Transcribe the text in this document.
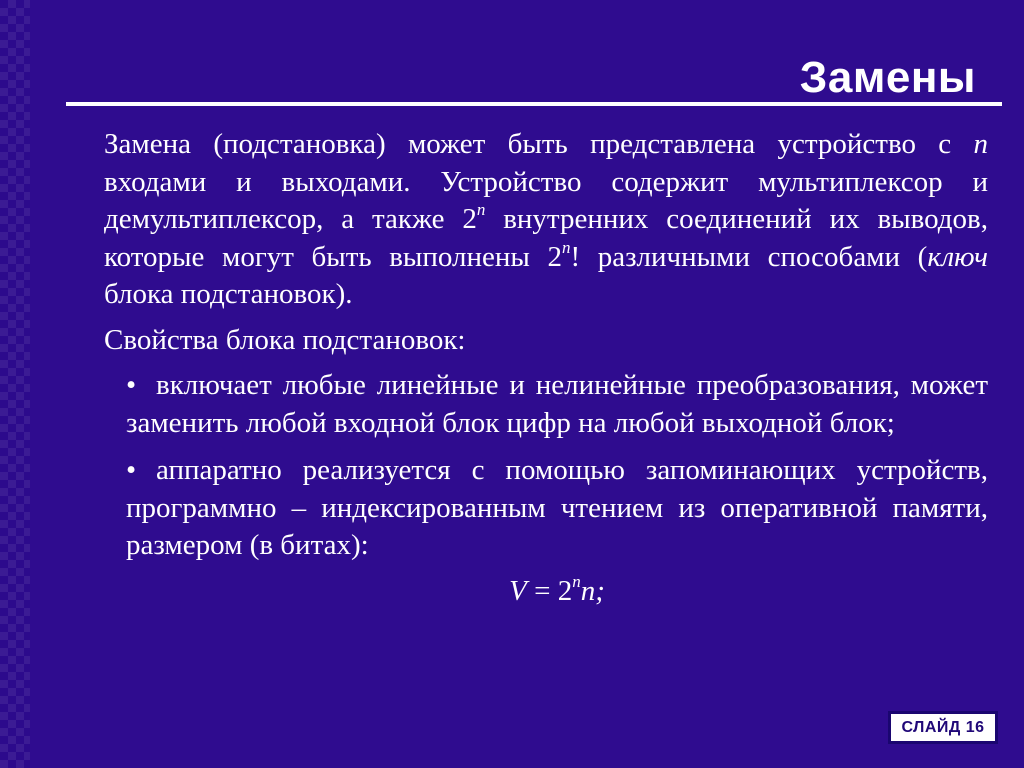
Замены

Замена (подстановка) может быть представлена устройство с n входами и выходами. Устройство содержит мультиплексор и демультиплексор, а также 2$^n$ внутренних соединений их выводов, которые могут быть выполнены 2$^n$! различными способами (ключ блока подстановок).

Свойства блока подстановок:

• включает любые линейные и нелинейные преобразования, может заменить любой входной блок цифр на любой выходной блок;
• аппаратно реализуется с помощью запоминающих устройств, программно – индексированным чтением из оперативной памяти, размером (в битах):
$V = 2^nn$;
СЛАЙД 16
